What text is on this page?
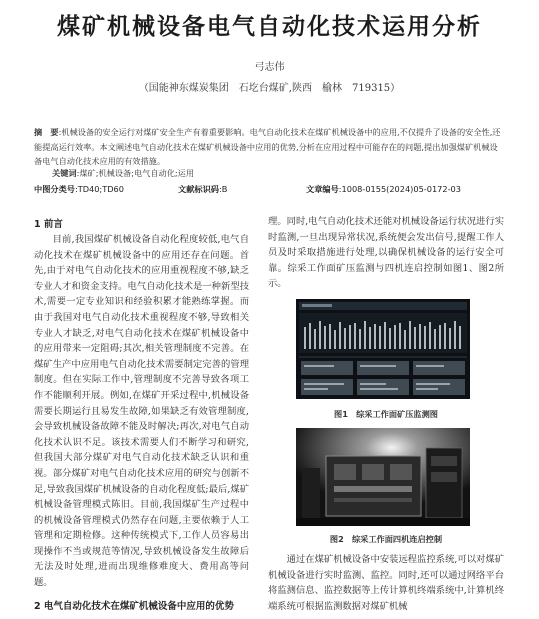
煤矿机械设备电气自动化技术运用分析
弓志伟
（国能神东煤炭集团　石圪台煤矿,陕西　榆林　719315）
摘　要:机械设备的安全运行对煤矿安全生产有着重要影响。电气自动化技术在煤矿机械设备中的应用,不仅提升了设备的安全性,还能提高运行效率。本文阐述电气自动化技术在煤矿机械设备中应用的优势,分析在应用过程中可能存在的问题,提出加强煤矿机械设备电气自动化技术应用的有效措施。
关键词:煤矿;机械设备;电气自动化;运用
中图分类号:TD40;TD60	文献标识码:B	文章编号:1008-0155(2024)05-0172-03
1 前言

目前,我国煤矿机械设备自动化程度较低,电气自动化技术在煤矿机械设备中的应用还存在问题。首先,由于对电气自动化技术的应用重视程度不够,缺乏专业人才和资金支持。电气自动化技术是一种新型技术,需要一定专业知识和经验积累才能熟练掌握。而由于我国对电气自动化技术重视程度不够,导致相关专业人才缺乏,对电气自动化技术在煤矿机械设备中的应用带来一定阻碍;其次,相关管理制度不完善。在煤矿生产中应用电气自动化技术需要制定完善的管理制度。但在实际工作中,管理制度不完善导致各项工作不能顺利开展。例如,在煤矿开采过程中,机械设备需要长期运行且易发生故障,如果缺乏有效管理制度,会导致机械设备故障不能及时解决;再次,对电气自动化技术认识不足。该技术需要人们不断学习和研究,但我国大部分煤矿对电气自动化技术缺乏认识和重视。部分煤矿对电气自动化技术应用的研究与创新不足,导致我国煤矿机械设备的自动化程度低;最后,煤矿机械设备管理模式陈旧。目前,我国煤矿生产过程中的机械设备管理模式仍然存在问题,主要依赖于人工管理和定期检修。这种传统模式下,工作人员容易出现操作不当或规范等情况,导致机械设备发生故障后无法及时处理,进而出现维修难度大、费用高等问题。

2 电气自动化技术在煤矿机械设备中应用的优势

理。同时,电气自动化技术还能对机械设备运行状况进行实时监测,一旦出现异常状况,系统便会发出信号,提醒工作人员及时采取措施进行处理,以确保机械设备的运行安全可靠。综采工作面矿压监测与四机连启控制如图1、图2所示。

图1　综采工作面矿压监测图
图2　综采工作面四机连启控制

通过在煤矿机械设备中安装远程监控系统,可以对煤矿机械设备进行实时监测、监控。同时,还可以通过网络平台将监测信息、监控数据等上传计算机终端系统中,计算机终端系统可根据监测数据对煤矿机械
